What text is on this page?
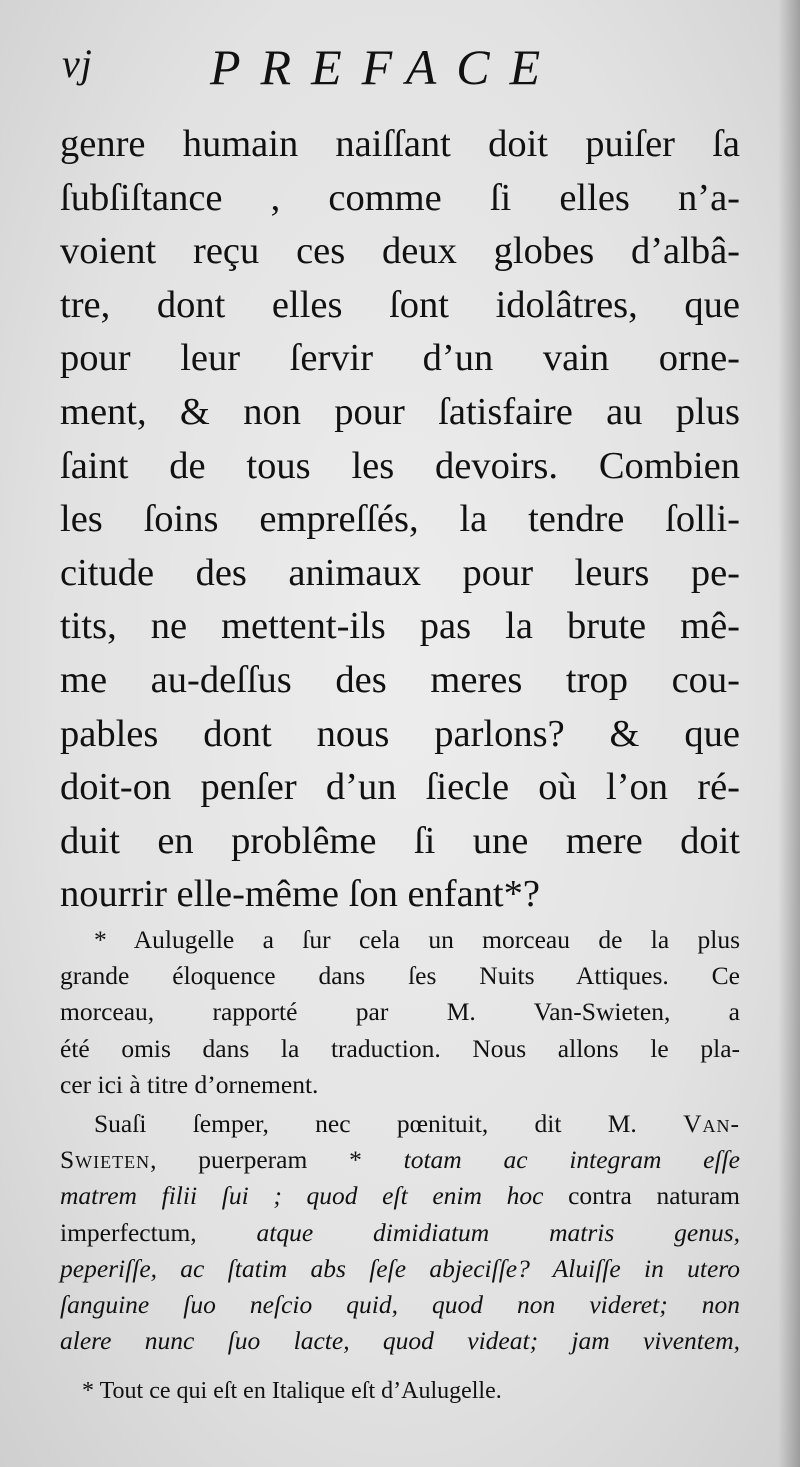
vj PREFACE
genre humain naiſſant doit puiſer ſa
ſubſiſtance , comme ſi elles n’a-
voient reçu ces deux globes d’albâ-
tre, dont elles ſont idolâtres, que
pour leur ſervir d’un vain orne-
ment, & non pour ſatisfaire au plus
ſaint de tous les devoirs. Combien
les ſoins empreſſés, la tendre ſolli-
citude des animaux pour leurs pe-
tits, ne mettent-ils pas la brute mê-
me au-deſſus des meres trop cou-
pables dont nous parlons? & que
doit-on penſer d’un ſiecle où l’on ré-
duit en problême ſi une mere doit
nourrir elle-même ſon enfant*?
* Aulugelle a ſur cela un morceau de la plus
grande éloquence dans ſes Nuits Attiques. Ce
morceau, rapporté par M. Van-Swieten, a
été omis dans la traduction. Nous allons le pla-
cer ici à titre d’ornement.
Suaſi ſemper, nec pœnituit, dit M. Van-
Swieten, puerperam * totam ac integram eſſe
matrem filii ſui ; quod eſt enim hoc contra naturam
imperfectum, atque dimidiatum matris genus,
peperiſſe, ac ſtatim abs ſeſe abjeciſſe? Aluiſſe in utero
ſanguine ſuo neſcio quid, quod non videret; non
alere nunc ſuo lacte, quod videat; jam viventem,
* Tout ce qui eſt en Italique eſt d’Aulugelle.
